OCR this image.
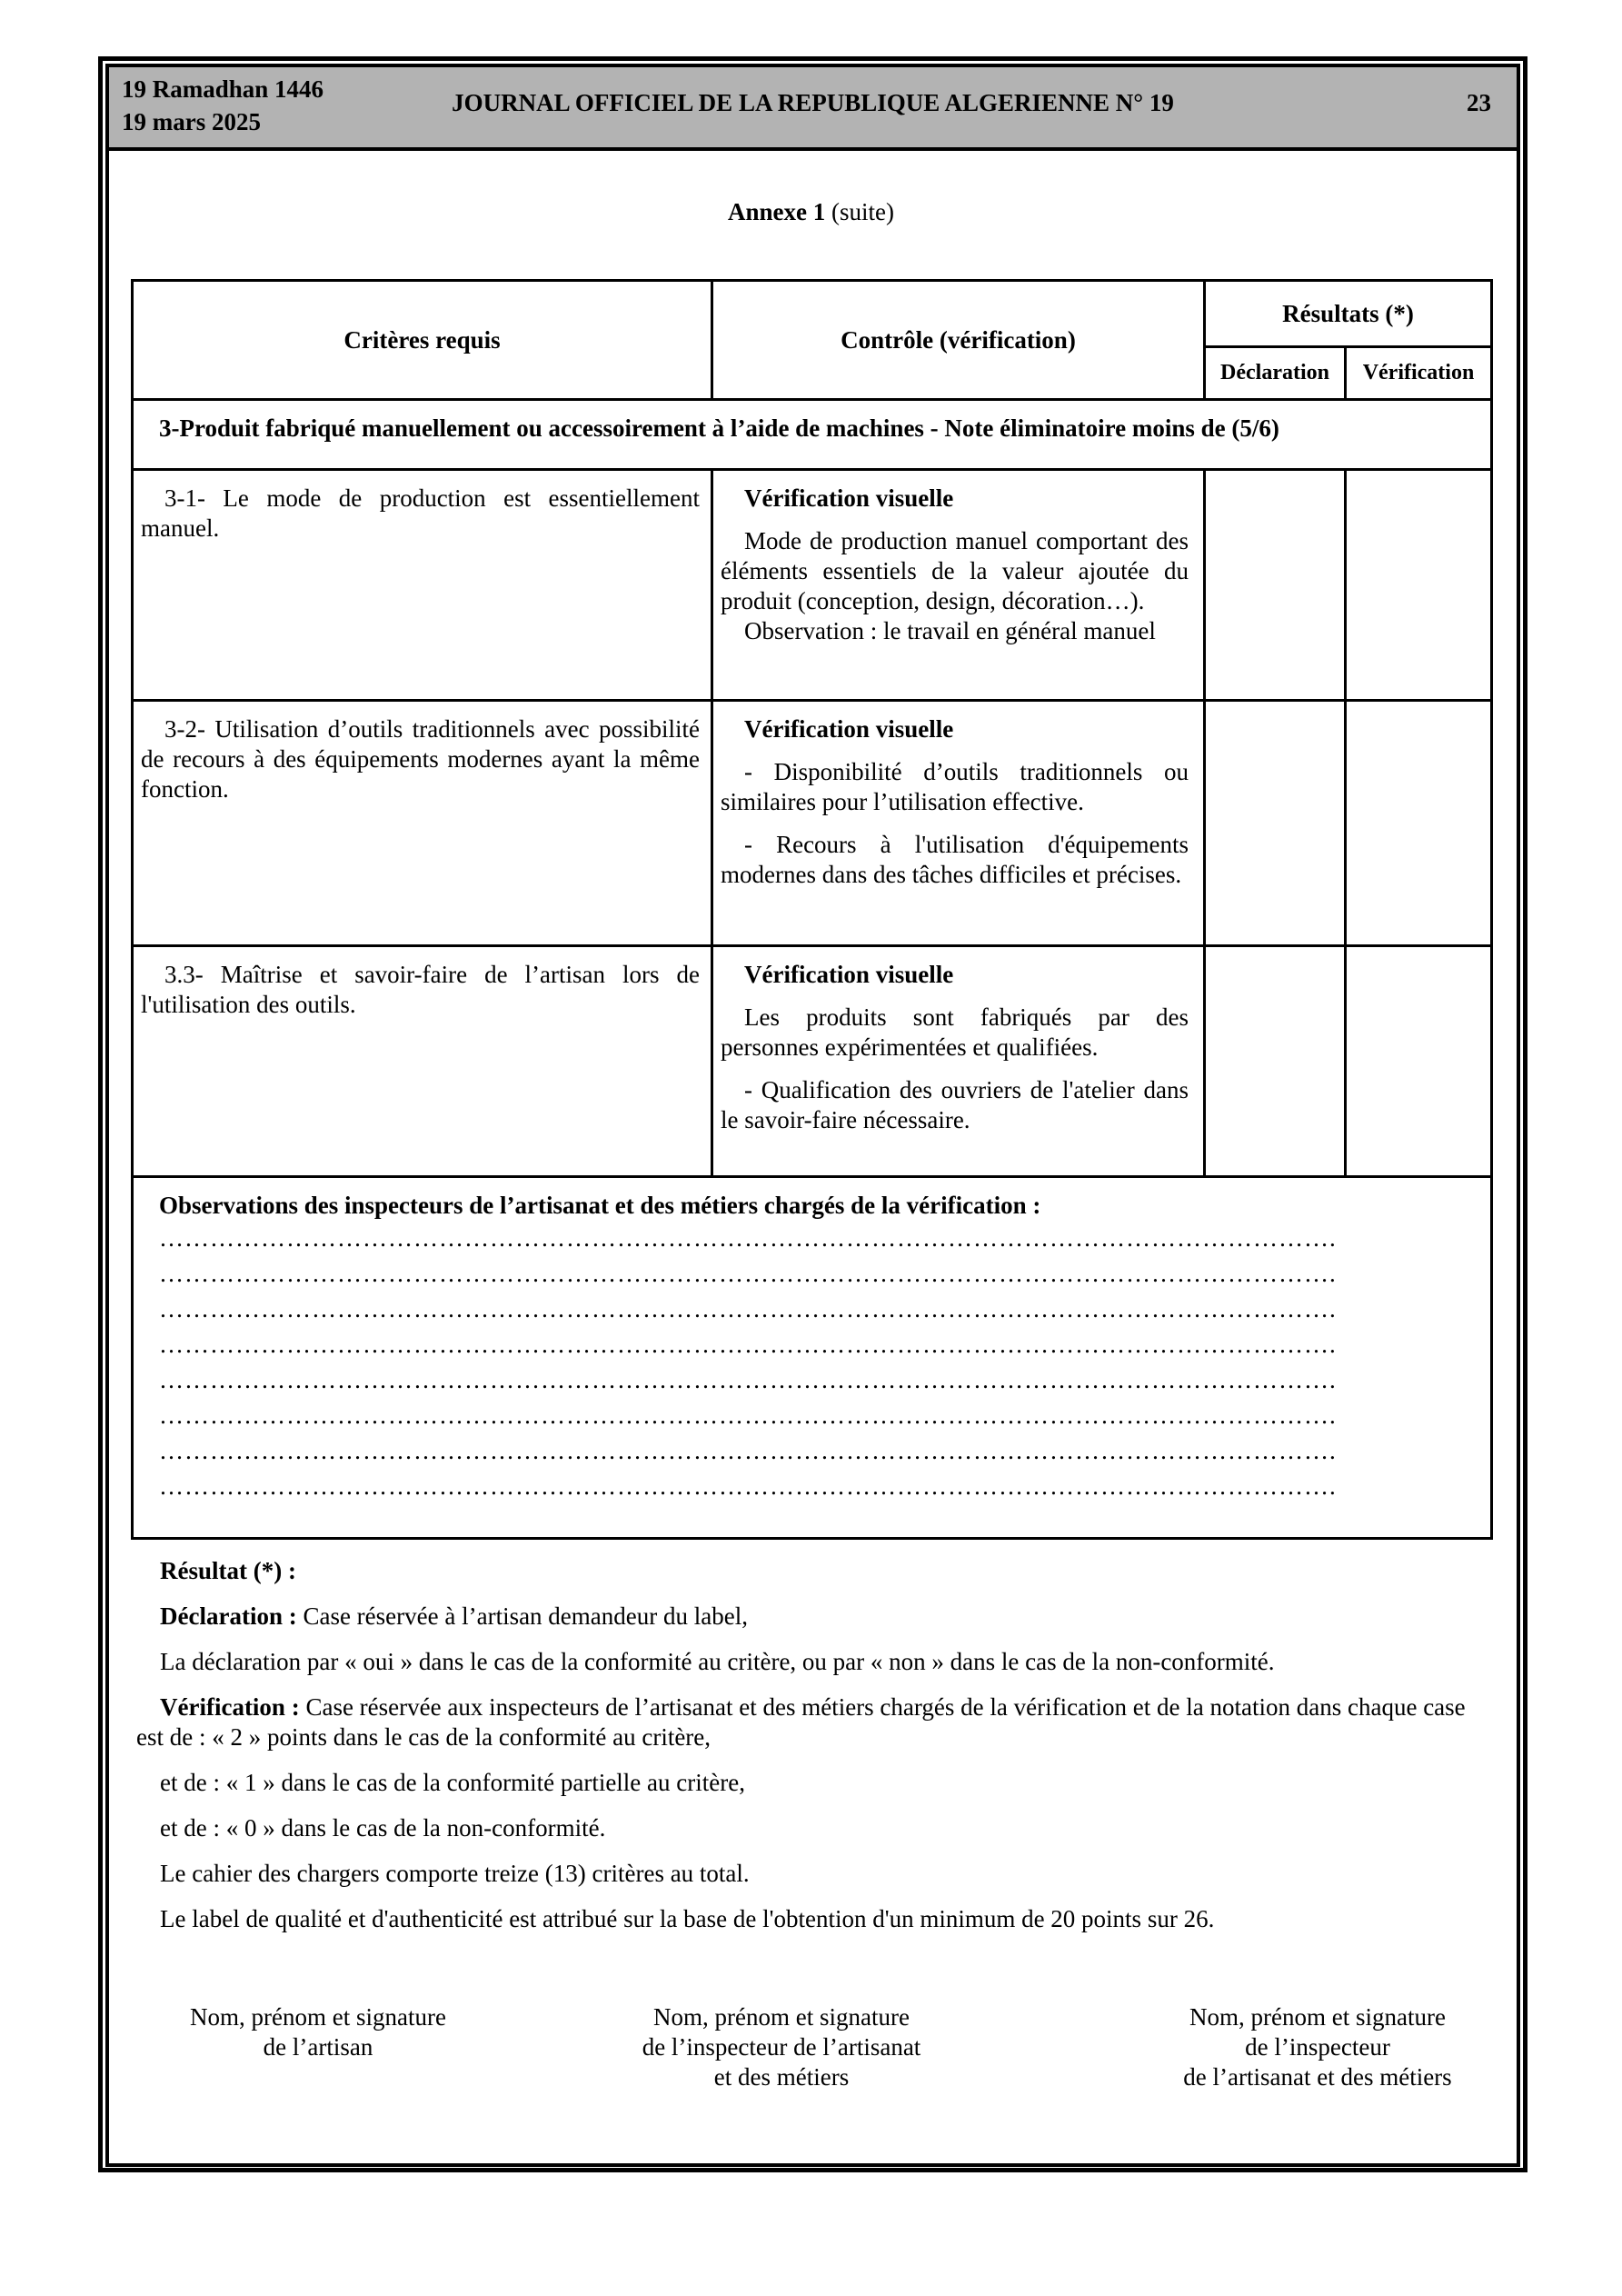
19 Ramadhan 1446
19 mars 2025
JOURNAL OFFICIEL DE LA REPUBLIQUE ALGERIENNE N° 19	23
Annexe 1 (suite)
Critères requis	Contrôle (vérification)	Résultats (*)	
		Déclaration	Vérification
3-Produit fabriqué manuellement ou accessoirement à l’aide de machines - Note éliminatoire moins de (5/6)			

3-1- Le mode de production est essentiellement manuel.	Vérification visuelle

Mode de production manuel comportant des éléments essentiels de la valeur ajoutée du produit (conception, design, décoration…).

Observation : le travail en général manuel		

3-2- Utilisation d’outils traditionnels avec possibilité de recours à des équipements modernes ayant la même fonction.	Vérification visuelle

- Disponibilité d’outils traditionnels ou similaires pour l’utilisation effective.

- Recours à l'utilisation d'équipements modernes dans des tâches difficiles et précises.		

3.3- Maîtrise et savoir-faire de l’artisan lors de l'utilisation des outils.	Vérification visuelle

Les produits sont fabriqués par des personnes expérimentées et qualifiées.

- Qualification des ouvriers de l'atelier dans le savoir-faire nécessaire.		

Observations des inspecteurs de l’artisanat et des métiers chargés de la vérification :
………………………………………………………………………………………………………………………….
………………………………………………………………………………………………………………………….
………………………………………………………………………………………………………………………….
………………………………………………………………………………………………………………………….
………………………………………………………………………………………………………………………….
………………………………………………………………………………………………………………………….
………………………………………………………………………………………………………………………….
………………………………………………………………………………………………………………………….

Résultat (*) :

Déclaration : Case réservée à l’artisan demandeur du label,

La déclaration par « oui » dans le cas de la conformité au critère, ou par « non » dans le cas de la non-conformité.

Vérification : Case réservée aux inspecteurs de l’artisanat et des métiers chargés de la vérification et de la notation dans chaque case est de : « 2 » points dans le cas de la conformité au critère,

et de : « 1 » dans le cas de la conformité partielle au critère,

et de : « 0 » dans le cas de la non-conformité.

Le cahier des chargers comporte treize (13) critères au total.

Le label de qualité et d'authenticité est attribué sur la base de l'obtention d'un minimum de 20 points sur 26.

Nom, prénom et signature
de l’artisan
Nom, prénom et signature
de l’inspecteur de l’artisanat
et des métiers
Nom, prénom et signature
de l’inspecteur
de l’artisanat et des métiers
